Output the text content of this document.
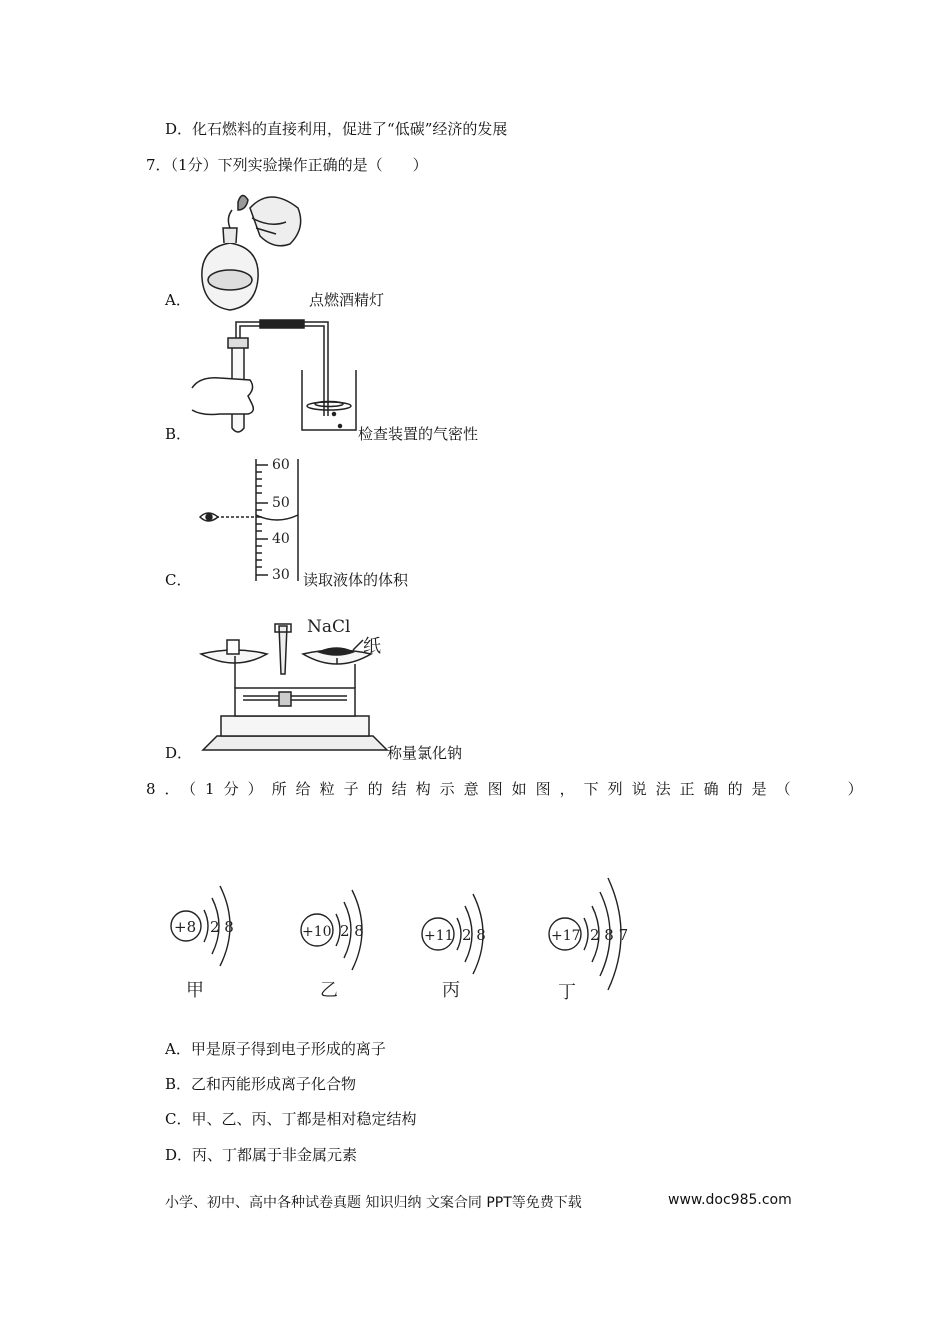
D．化石燃料的直接利用，促进了“低碳”经济的发展
7．（1分）下列实验操作正确的是（　　）
A．	点燃酒精灯
B．	检查装置的气密性
C．
60
50
40
30 读取液体的体积
D．
NaCl
纸
称量氯化钠
8．（1分）所给粒子的结构示意图如图，下列说法正确的是（　　）
+8 2 8
甲
+10 2 8
乙
+11 2 8
丙
+17 2 8 7
丁
A．甲是原子得到电子形成的离子
B．乙和丙能形成离子化合物
C．甲、乙、丙、丁都是相对稳定结构
D．丙、丁都属于非金属元素
小学、初中、高中各种试卷真题 知识归纳 文案合同 PPT等免费下载	www.doc985.com
